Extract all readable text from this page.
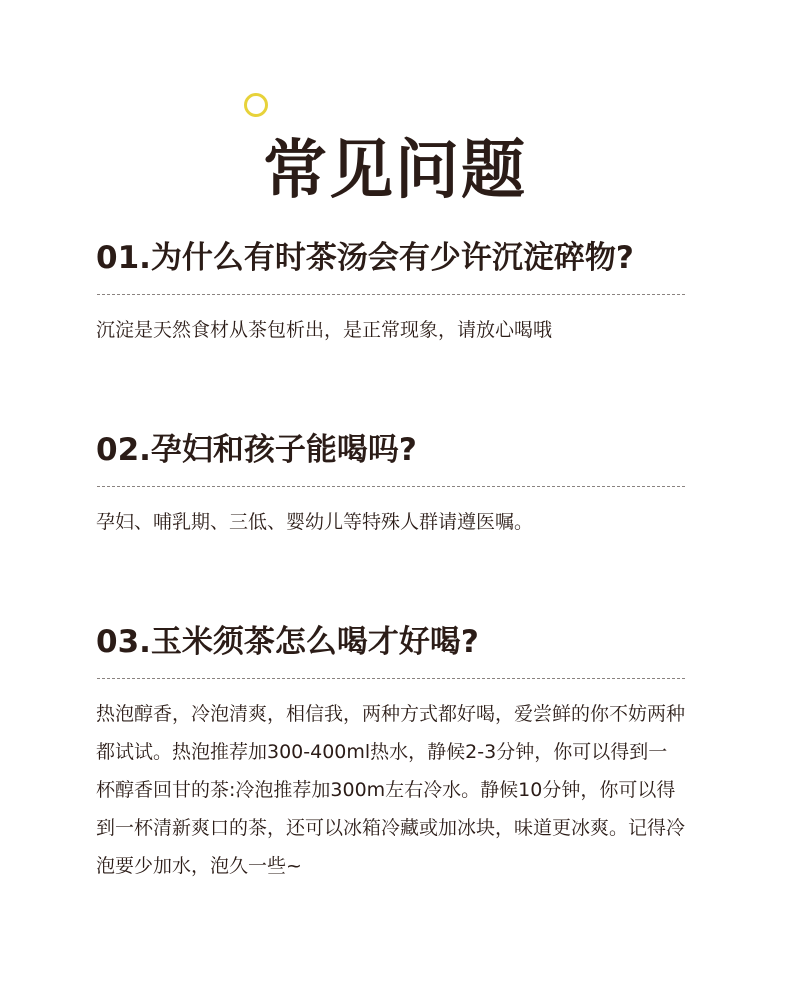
常见问题
01.为什么有时茶汤会有少许沉淀碎物?

沉淀是天然食材从茶包析出，是正常现象，请放心喝哦

02.孕妇和孩子能喝吗?

孕妇、哺乳期、三低、婴幼儿等特殊人群请遵医嘱。

03.玉米须茶怎么喝才好喝?

热泡醇香，冷泡清爽，相信我，两种方式都好喝，爱尝鲜的你不妨两种都试试。热泡推荐加300-400ml热水，静候2-3分钟，你可以得到一杯醇香回甘的茶:冷泡推荐加300m左右冷水。静候10分钟，你可以得到一杯清新爽口的茶，还可以冰箱冷藏或加冰块，味道更冰爽。记得冷泡要少加水，泡久一些~
